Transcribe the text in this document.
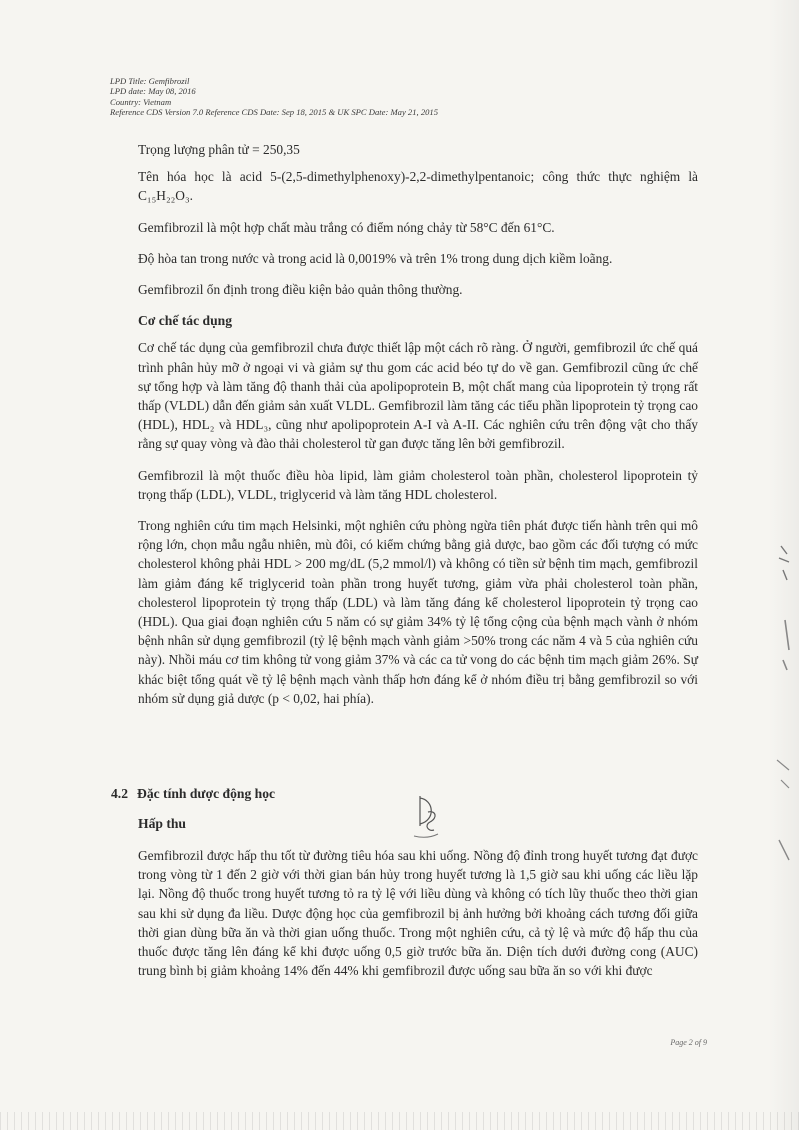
LPD Title: Gemfibrozil
LPD date: May 08, 2016
Country: Vietnam
Reference CDS Version 7.0 Reference CDS Date: Sep 18, 2015 & UK SPC Date: May 21, 2015

Trọng lượng phân tử = 250,35

Tên hóa học là acid 5-(2,5-dimethylphenoxy)-2,2-dimethylpentanoic; công thức thực nghiệm là C₁₅H₂₂O₃.

Gemfibrozil là một hợp chất màu trắng có điểm nóng chảy từ 58°C đến 61°C.

Độ hòa tan trong nước và trong acid là 0,0019% và trên 1% trong dung dịch kiềm loãng.

Gemfibrozil ổn định trong điều kiện bảo quản thông thường.

Cơ chế tác dụng

Cơ chế tác dụng của gemfibrozil chưa được thiết lập một cách rõ ràng. Ở người, gemfibrozil ức chế quá trình phân hủy mỡ ở ngoại vi và giảm sự thu gom các acid béo tự do về gan. Gemfibrozil cũng ức chế sự tổng hợp và làm tăng độ thanh thải của apolipoprotein B, một chất mang của lipoprotein tỷ trọng rất thấp (VLDL) dẫn đến giảm sản xuất VLDL. Gemfibrozil làm tăng các tiểu phần lipoprotein tỷ trọng cao (HDL), HDL₂ và HDL₃, cũng như apolipoprotein A-I và A-II. Các nghiên cứu trên động vật cho thấy rằng sự quay vòng và đào thải cholesterol từ gan được tăng lên bởi gemfibrozil.

Gemfibrozil là một thuốc điều hòa lipid, làm giảm cholesterol toàn phần, cholesterol lipoprotein tỷ trọng thấp (LDL), VLDL, triglycerid và làm tăng HDL cholesterol.

Trong nghiên cứu tim mạch Helsinki, một nghiên cứu phòng ngừa tiên phát được tiến hành trên qui mô rộng lớn, chọn mẫu ngẫu nhiên, mù đôi, có kiểm chứng bằng giả dược, bao gồm các đối tượng có mức cholesterol không phải HDL > 200 mg/dL (5,2 mmol/l) và không có tiền sử bệnh tim mạch, gemfibrozil làm giảm đáng kể triglycerid toàn phần trong huyết tương, giảm vừa phải cholesterol toàn phần, cholesterol lipoprotein tỷ trọng thấp (LDL) và làm tăng đáng kể cholesterol lipoprotein tỷ trọng cao (HDL). Qua giai đoạn nghiên cứu 5 năm có sự giảm 34% tỷ lệ tổng cộng của bệnh mạch vành ở nhóm bệnh nhân sử dụng gemfibrozil (tỷ lệ bệnh mạch vành giảm >50% trong các năm 4 và 5 của nghiên cứu này). Nhồi máu cơ tim không tử vong giảm 37% và các ca tử vong do các bệnh tim mạch giảm 26%. Sự khác biệt tổng quát về tỷ lệ bệnh mạch vành thấp hơn đáng kể ở nhóm điều trị bằng gemfibrozil so với nhóm sử dụng giả dược (p < 0,02, hai phía).

4.2 Đặc tính dược động học
Hấp thu

Gemfibrozil được hấp thu tốt từ đường tiêu hóa sau khi uống. Nồng độ đỉnh trong huyết tương đạt được trong vòng từ 1 đến 2 giờ với thời gian bán hủy trong huyết tương là 1,5 giờ sau khi uống các liều lặp lại. Nồng độ thuốc trong huyết tương tỏ ra tỷ lệ với liều dùng và không có tích lũy thuốc theo thời gian sau khi sử dụng đa liều. Dược động học của gemfibrozil bị ảnh hưởng bởi khoảng cách tương đối giữa thời gian dùng bữa ăn và thời gian uống thuốc. Trong một nghiên cứu, cả tỷ lệ và mức độ hấp thu của thuốc được tăng lên đáng kể khi được uống 0,5 giờ trước bữa ăn. Diện tích dưới đường cong (AUC) trung bình bị giảm khoảng 14% đến 44% khi gemfibrozil được uống sau bữa ăn so với khi được

Page 2 of 9
